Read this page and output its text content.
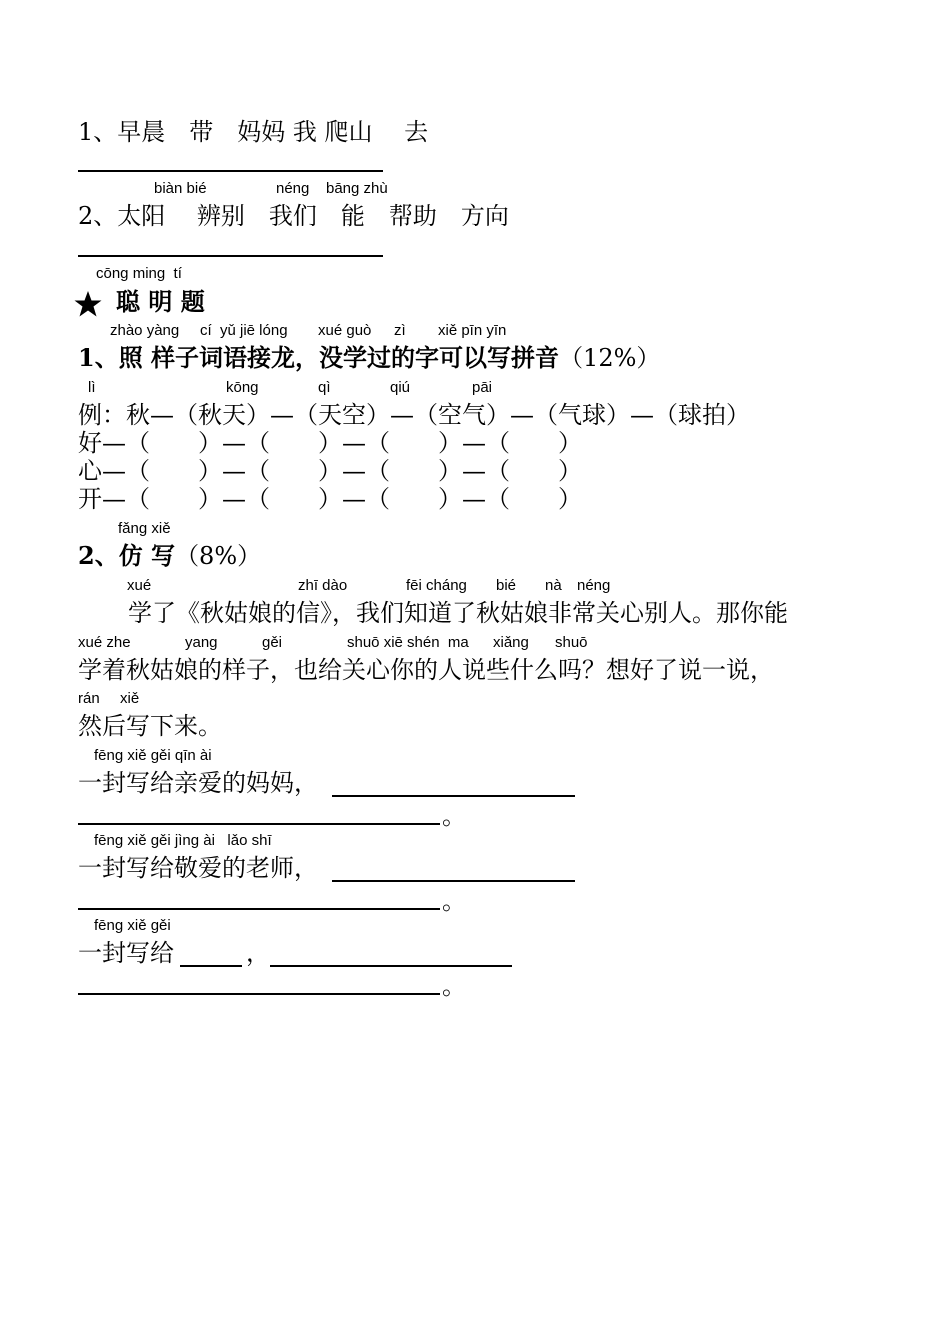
1、早晨　带　妈妈 我 爬山　 去
biàn bié	néng bāng zhù
2、太阳　 辨别　我们　能　帮助　方向
cōng ming  tí
聪 明 题
zhào yàng cí  yǔ jiē lóng xué guò zì xiě pīn yīn
1、照 样子词语接龙，没学过的字可以写拼音（12%）
lì	kōng	qì	qiú	pāi
例：秋—（秋天）—（天空）—（空气）—（气球）—（球拍）
好—（　　）—（　　）—（　　）—（　　）
心—（　　）—（　　）—（　　）—（　　）
开—（　　）—（　　）—（　　）—（　　）
fǎng xiě
2、仿 写（8%）
xué	zhī dào	fēi cháng bié nà néng
学了《秋姑娘的信》，我们知道了秋姑娘非常关心别人。那你能
xué zhe	yang	gěi	shuō xiē shén  ma xiǎng shuō
学着秋姑娘的样子，也给关心你的人说些什么吗？想好了说一说，
rán xiě
然后写下来。
fēng xiě gěi qīn ài
一封写给亲爱的妈妈，
。
fēng xiě gěi jìng ài   lǎo shī
一封写给敬爱的老师，
。
fēng xiě gěi
一封写给	，
。
